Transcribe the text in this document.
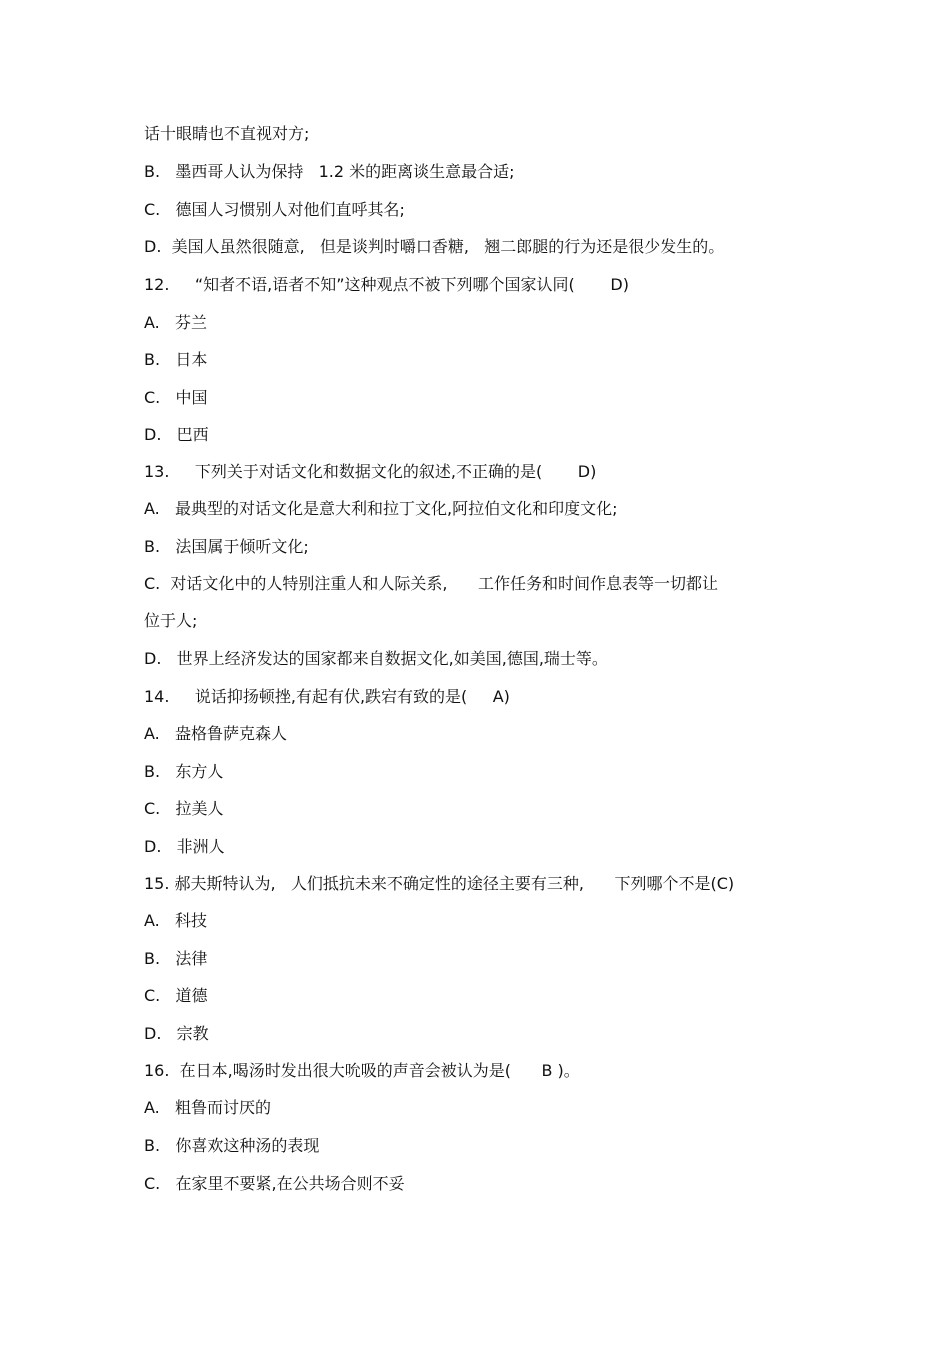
话十眼睛也不直视对方;
B.   墨西哥人认为保持   1.2 米的距离谈生意最合适;
C.   德国人习惯别人对他们直呼其名;
D.  美国人虽然很随意,   但是谈判时嚼口香糖,   翘二郎腿的行为还是很少发生的。
12.     “知者不语,语者不知”这种观点不被下列哪个国家认同(       D)
A.   芬兰
B.   日本
C.   中国
D.   巴西
13.     下列关于对话文化和数据文化的叙述,不正确的是(       D)
A.   最典型的对话文化是意大利和拉丁文化,阿拉伯文化和印度文化;
B.   法国属于倾听文化;
C.  对话文化中的人特别注重人和人际关系,      工作任务和时间作息表等一切都让
位于人;
D.   世界上经济发达的国家都来自数据文化,如美国,德国,瑞士等。
14.     说话抑扬顿挫,有起有伏,跌宕有致的是(     A)
A.   盎格鲁萨克森人
B.   东方人
C.   拉美人
D.   非洲人
15. 郝夫斯特认为,   人们抵抗未来不确定性的途径主要有三种,      下列哪个不是(C)
A.   科技
B.   法律
C.   道德
D.   宗教
16.  在日本,喝汤时发出很大吮吸的声音会被认为是(      B )。
A.   粗鲁而讨厌的
B.   你喜欢这种汤的表现
C.   在家里不要紧,在公共场合则不妥
